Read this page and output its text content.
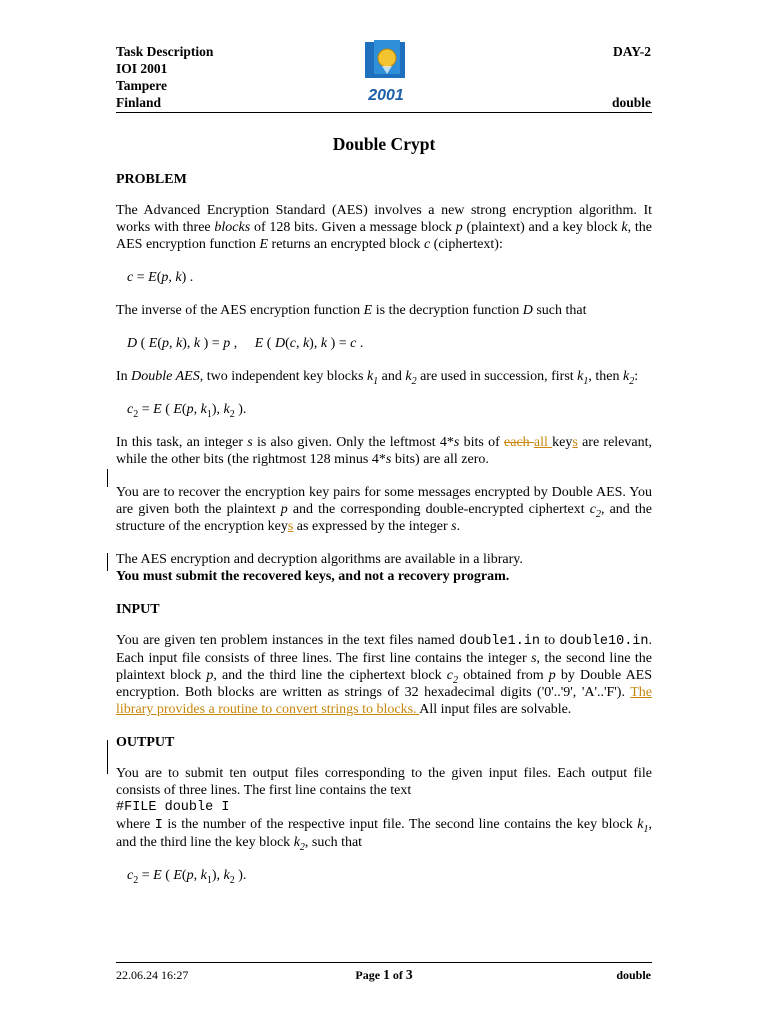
Task Description
IOI 2001
Tampere
Finland	2001
DAY-2
double
Double Crypt
PROBLEM

The Advanced Encryption Standard (AES) involves a new strong encryption algorithm. It works with three blocks of 128 bits. Given a message block p (plaintext) and a key block k, the AES encryption function E returns an encrypted block c (ciphertext):

c = E(p, k) .

The inverse of the AES encryption function E is the decryption function D such that

D ( E(p, k), k ) = p ,     E ( D(c, k), k ) = c .

In Double AES, two independent key blocks $k_1$ and $k_2$ are used in succession, first $k_1$, then $k_2$:

$c_2 = E$ ( E(p, $k_1$), $k_2$ ).

In this task, an integer s is also given. Only the leftmost 4*s bits of each all keys are relevant, while the other bits (the rightmost 128 minus 4*s bits) are all zero.

You are to recover the encryption key pairs for some messages encrypted by Double AES. You are given both the plaintext p and the corresponding double-encrypted ciphertext $c_2$, and the structure of the encryption keys as expressed by the integer s.

The AES encryption and decryption algorithms are available in a library.
You must submit the recovered keys, and not a recovery program.

INPUT

You are given ten problem instances in the text files named double1.in to double10.in. Each input file consists of three lines. The first line contains the integer s, the second line the plaintext block p, and the third line the ciphertext block $c_2$ obtained from p by Double AES encryption. Both blocks are written as strings of 32 hexadecimal digits ('0'..'9', 'A'..'F'). The library provides a routine to convert strings to blocks. All input files are solvable.

OUTPUT

You are to submit ten output files corresponding to the given input files. Each output file consists of three lines. The first line contains the text

#FILE double I

where I is the number of the respective input file. The second line contains the key block $k_1$, and the third line the key block $k_2$, such that

$c_2 = E$ ( E(p, $k_1$), $k_2$ ).
22.06.24 16:27	Page 1 of 3	double
